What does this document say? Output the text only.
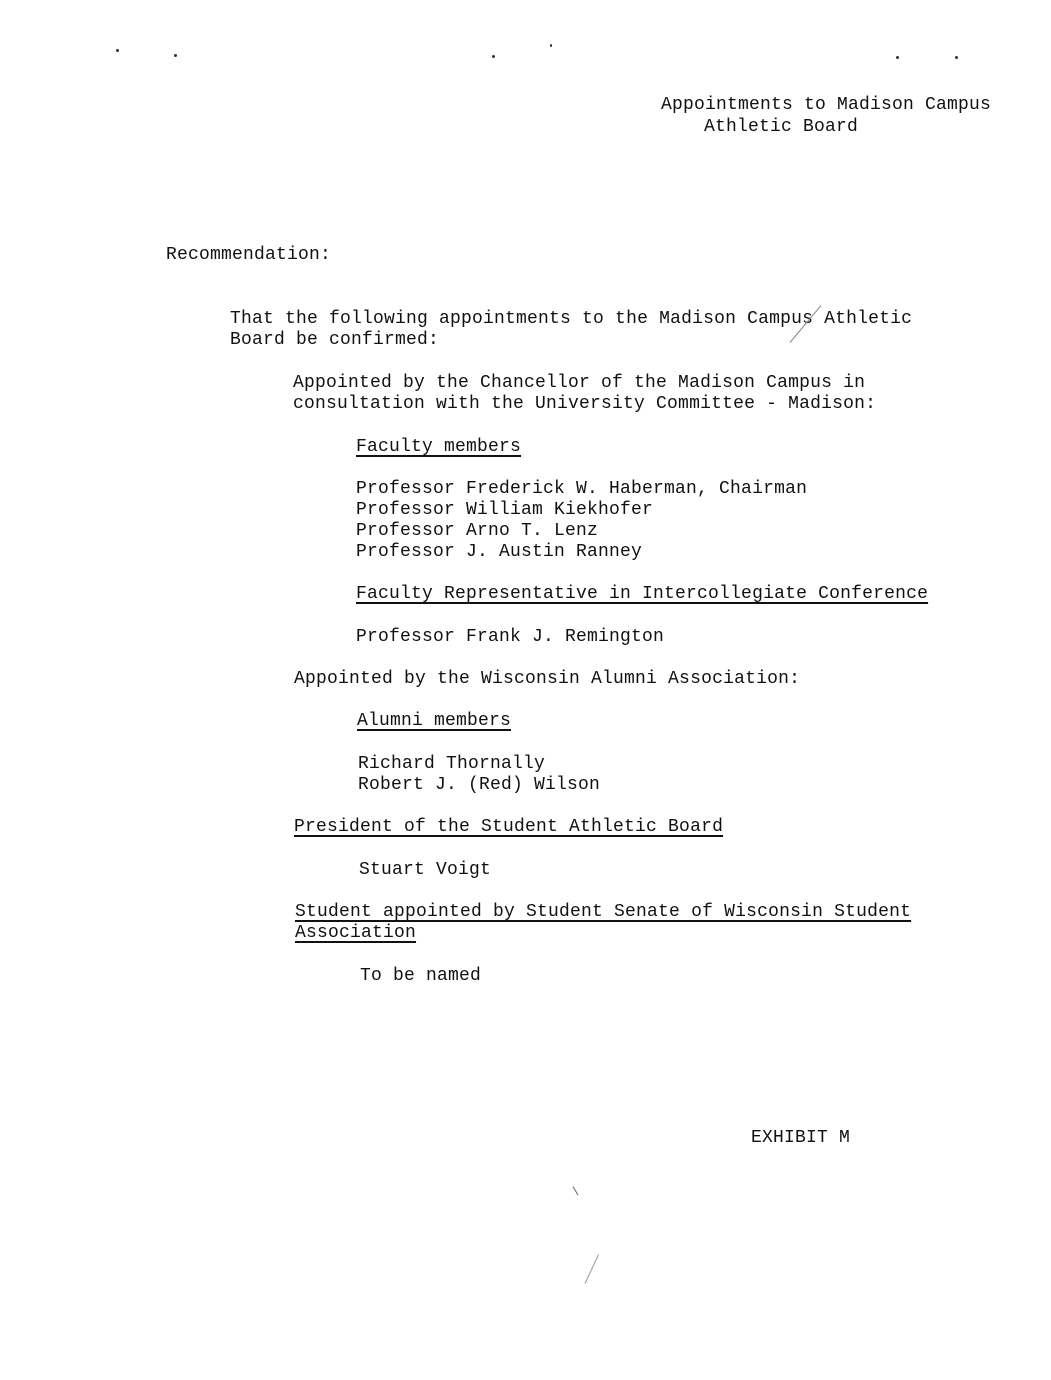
Appointments to Madison Campus
Athletic Board
Recommendation:
That the following appointments to the Madison Campus Athletic
Board be confirmed:
Appointed by the Chancellor of the Madison Campus in
consultation with the University Committee - Madison:
Faculty members
Professor Frederick W. Haberman, Chairman
Professor William Kiekhofer
Professor Arno T. Lenz
Professor J. Austin Ranney
Faculty Representative in Intercollegiate Conference
Professor Frank J. Remington
Appointed by the Wisconsin Alumni Association:
Alumni members
Richard Thornally
Robert J. (Red) Wilson
President of the Student Athletic Board
Stuart Voigt
Student appointed by Student Senate of Wisconsin Student
Association
To be named
EXHIBIT M
